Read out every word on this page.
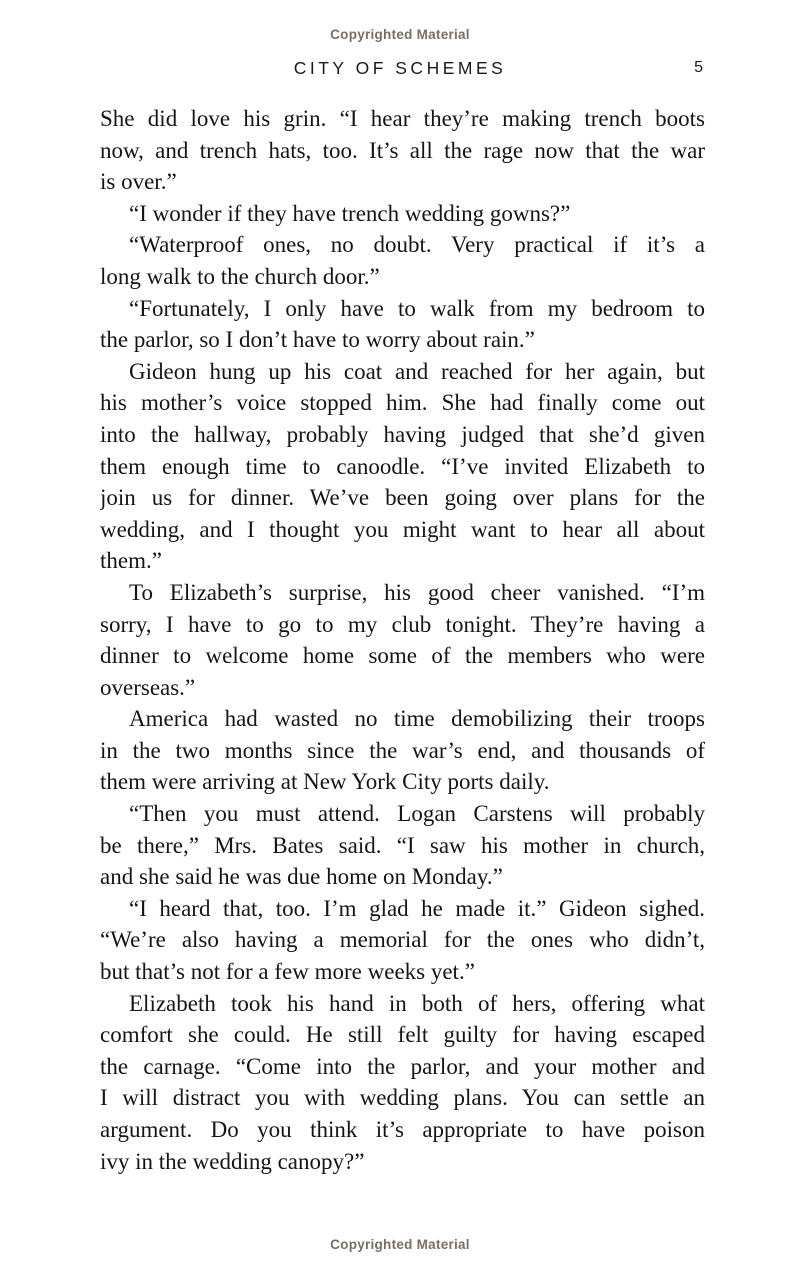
Copyrighted Material
CITY OF SCHEMES	5
She did love his grin. “I hear they’re making trench boots
now, and trench hats, too. It’s all the rage now that the war
is over.”
“I wonder if they have trench wedding gowns?”
“Waterproof ones, no doubt. Very practical if it’s a
long walk to the church door.”
“Fortunately, I only have to walk from my bedroom to
the parlor, so I don’t have to worry about rain.”
Gideon hung up his coat and reached for her again, but
his mother’s voice stopped him. She had finally come out
into the hallway, probably having judged that she’d given
them enough time to canoodle. “I’ve invited Elizabeth to
join us for dinner. We’ve been going over plans for the
wedding, and I thought you might want to hear all about
them.”
To Elizabeth’s surprise, his good cheer vanished. “I’m
sorry, I have to go to my club tonight. They’re having a
dinner to welcome home some of the members who were
overseas.”
America had wasted no time demobilizing their troops
in the two months since the war’s end, and thousands of
them were arriving at New York City ports daily.
“Then you must attend. Logan Carstens will probably
be there,” Mrs. Bates said. “I saw his mother in church,
and she said he was due home on Monday.”
“I heard that, too. I’m glad he made it.” Gideon sighed.
“We’re also having a memorial for the ones who didn’t,
but that’s not for a few more weeks yet.”
Elizabeth took his hand in both of hers, offering what
comfort she could. He still felt guilty for having escaped
the carnage. “Come into the parlor, and your mother and
I will distract you with wedding plans. You can settle an
argument. Do you think it’s appropriate to have poison
ivy in the wedding canopy?”
Copyrighted Material
